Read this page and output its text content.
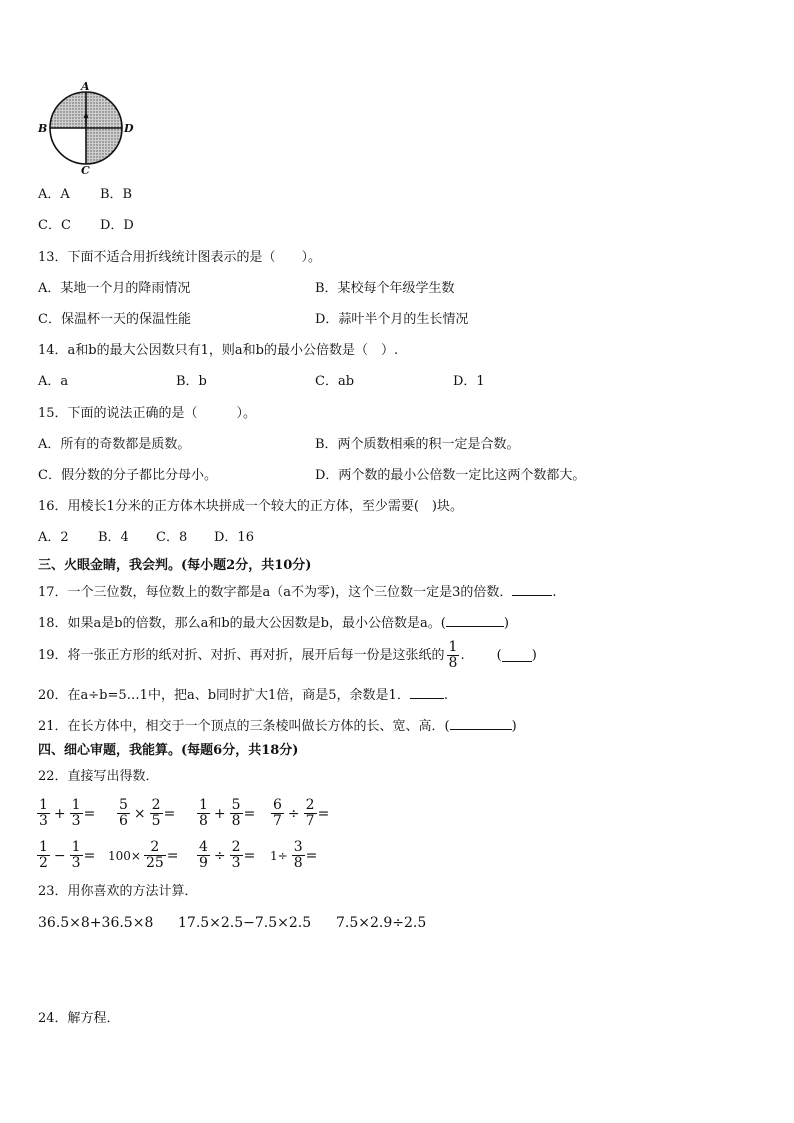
A
B	D
C
A．A B．B
C．C D．D
13．下面不适合用折线统计图表示的是（　　）。
A．某地一个月的降雨情况	B．某校每个年级学生数
C．保温杯一天的保温性能	D．蒜叶半个月的生长情况
14．a和b的最大公因数只有1，则a和b的最小公倍数是（　）.
A．a	B．b	C．ab	D．1
15．下面的说法正确的是（　　　）。
A．所有的奇数都是质数。	B．两个质数相乘的积一定是合数。
C．假分数的分子都比分母小。	D．两个数的最小公倍数一定比这两个数都大。
16．用棱长1分米的正方体木块拼成一个较大的正方体，至少需要(　)块。
A．2 B．4 C．8 D．16
三、火眼金睛，我会判。(每小题2分，共10分)
17．一个三位数，每位数上的数字都是a（a不为零)，这个三位数一定是3的倍数．	.
18．如果a是b的倍数，那么a和b的最大公因数是b，最小公倍数是a。(	)
19．将一张正方形的纸对折、对折、再对折，展开后每一份是这张纸的 $\frac{1}{8}$ . ( )
20．在a÷b=5…1中，把a、b同时扩大1倍，商是5，余数是1．	.
21．在长方体中，相交于一个顶点的三条棱叫做长方体的长、宽、高．(	)
四、细心审题，我能算。(每题6分，共18分)
22．直接写出得数．
$\frac{1}{3} + \frac{1}{3} = \frac{5}{6} \times \frac{2}{5} = \frac{1}{8} + \frac{5}{8} = \frac{6}{7} \div \frac{2}{7}$ =
$\frac{1}{2} - \frac{1}{3} = 100\times \frac{2}{25} = \frac{4}{9} \div \frac{2}{3} = 1\div \frac{3}{8}$ =
23．用你喜欢的方法计算．
36.5×8+36.5×8 17.5×2.5−7.5×2.5 7.5×2.9÷2.5
24．解方程．
